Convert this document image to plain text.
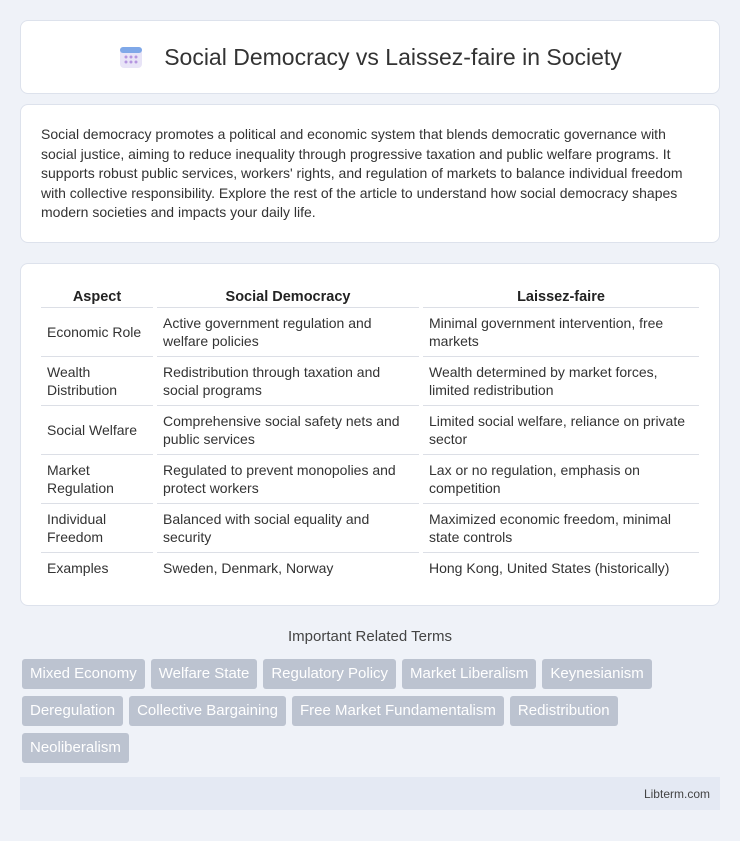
Social Democracy vs Laissez-faire in Society

Social democracy promotes a political and economic system that blends democratic governance with social justice, aiming to reduce inequality through progressive taxation and public welfare programs. It supports robust public services, workers' rights, and regulation of markets to balance individual freedom with collective responsibility. Explore the rest of the article to understand how social democracy shapes modern societies and impacts your daily life.

Aspect	Social Democracy	Laissez-faire
Economic Role	Active government regulation and welfare policies	Minimal government intervention, free markets
Wealth Distribution	Redistribution through taxation and social programs	Wealth determined by market forces, limited redistribution
Social Welfare	Comprehensive social safety nets and public services	Limited social welfare, reliance on private sector
Market Regulation	Regulated to prevent monopolies and protect workers	Lax or no regulation, emphasis on competition
Individual Freedom	Balanced with social equality and security	Maximized economic freedom, minimal state controls
Examples	Sweden, Denmark, Norway	Hong Kong, United States (historically)
Important Related Terms
Mixed Economy	Welfare State	Regulatory Policy	Market Liberalism	Keynesianism
Deregulation	Collective Bargaining	Free Market Fundamentalism	Redistribution
Neoliberalism
Libterm.com
